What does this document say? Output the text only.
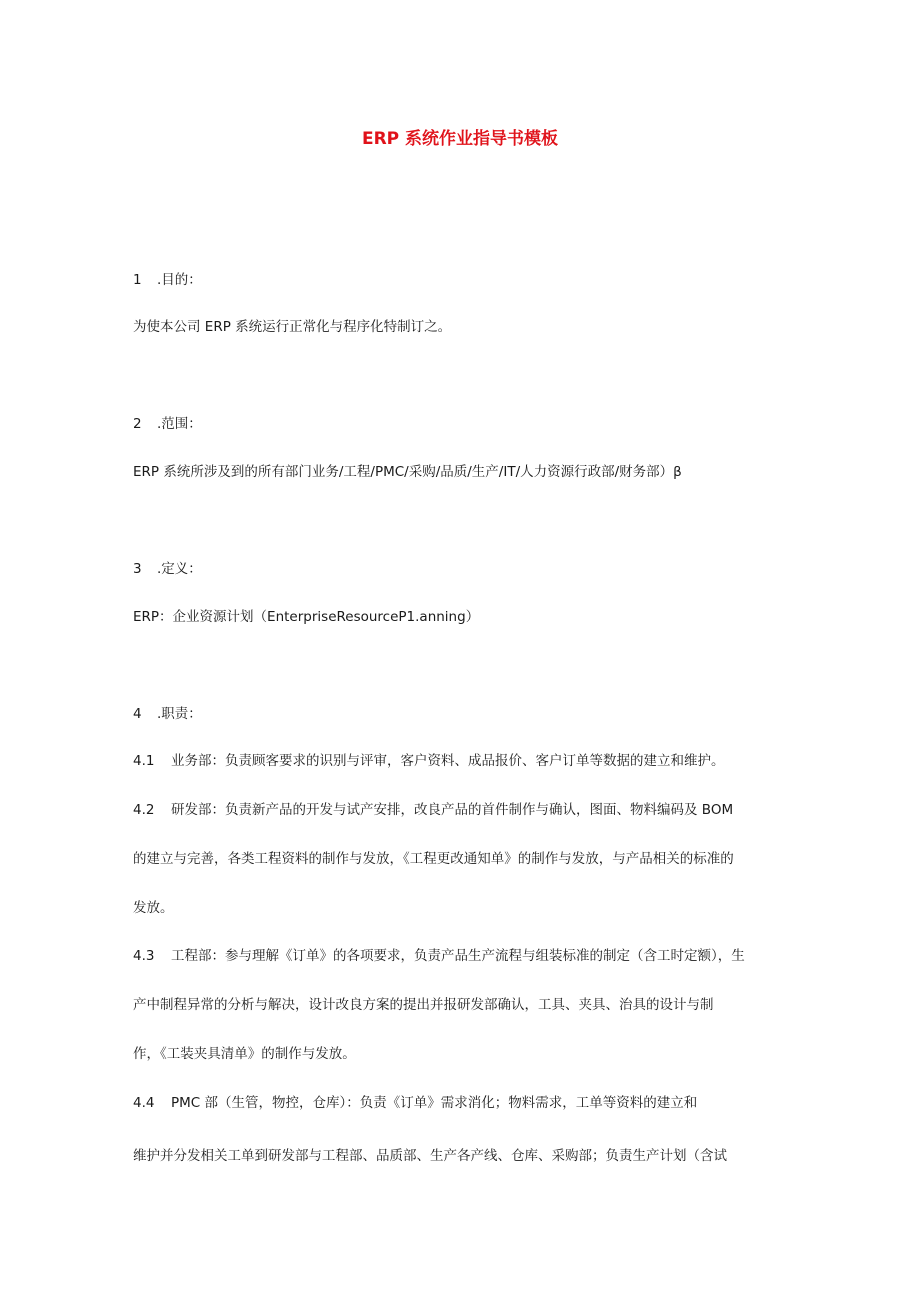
ERP 系统作业指导书模板
1 .目的：
为使本公司 ERP 系统运行正常化与程序化特制订之。
2 .范围：
ERP 系统所涉及到的所有部门业务/工程/PMC/采购/品质/生产/IT/人力资源行政部/财务部）β
3 .定义：
ERP：企业资源计划（EnterpriseResourceP1.anning）
4 .职责：
4.1 业务部：负责顾客要求的识别与评审，客户资料、成品报价、客户订单等数据的建立和维护。
4.2 研发部：负责新产品的开发与试产安排，改良产品的首件制作与确认，图面、物料编码及 BOM
的建立与完善，各类工程资料的制作与发放，《工程更改通知单》的制作与发放，与产品相关的标准的
发放。
4.3 工程部：参与理解《订单》的各项要求，负责产品生产流程与组装标准的制定（含工时定额），生
产中制程异常的分析与解决，设计改良方案的提出并报研发部确认，工具、夹具、治具的设计与制
作，《工装夹具清单》的制作与发放。
4.4 PMC 部（生管，物控，仓库）：负责《订单》需求消化；物料需求，工单等资料的建立和
维护并分发相关工单到研发部与工程部、品质部、生产各产线、仓库、采购部；负责生产计划（含试
